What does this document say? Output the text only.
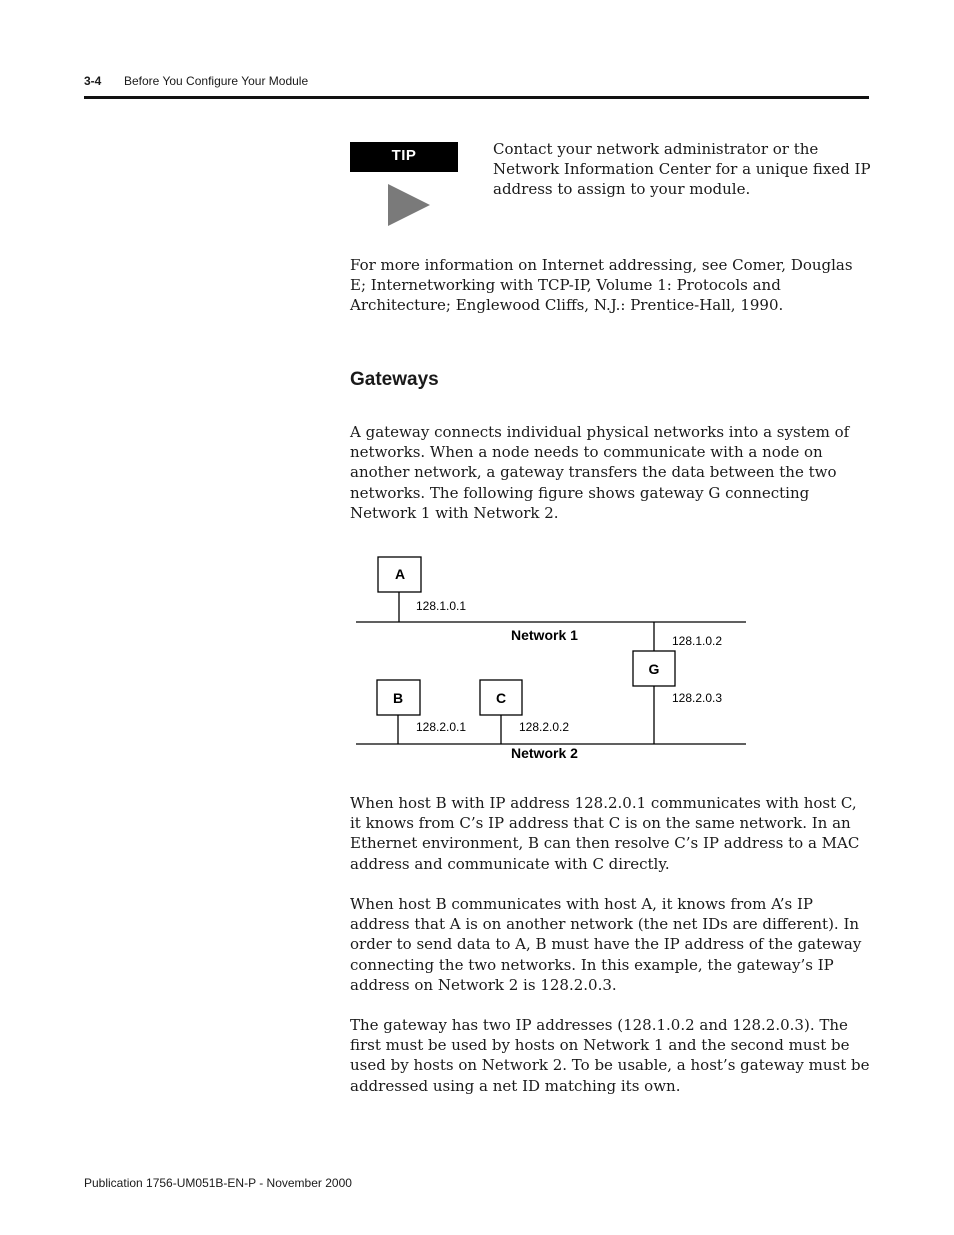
3-4 Before You Configure Your Module
TIP	Contact your network administrator or the Network Information Center for a unique fixed IP address to assign to your module.

For more information on Internet addressing, see Comer, Douglas E; Internetworking with TCP-IP, Volume 1: Protocols and Architecture; Englewood Cliffs, N.J.: Prentice-Hall, 1990.

Gateways

A gateway connects individual physical networks into a system of networks. When a node needs to communicate with a node on another network, a gateway transfers the data between the two networks. The following figure shows gateway G connecting Network 1 with Network 2.

A
128.1.0.1
Network 1
G
128.1.0.2
128.2.0.3
B
128.2.0.1
C
128.2.0.2
Network 2

When host B with IP address 128.2.0.1 communicates with host C, it knows from C’s IP address that C is on the same network. In an Ethernet environment, B can then resolve C’s IP address to a MAC address and communicate with C directly.

When host B communicates with host A, it knows from A’s IP address that A is on another network (the net IDs are different). In order to send data to A, B must have the IP address of the gateway connecting the two networks. In this example, the gateway’s IP address on Network 2 is 128.2.0.3.

The gateway has two IP addresses (128.1.0.2 and 128.2.0.3). The first must be used by hosts on Network 1 and the second must be used by hosts on Network 2. To be usable, a host’s gateway must be addressed using a net ID matching its own.

Publication 1756-UM051B-EN-P - November 2000
